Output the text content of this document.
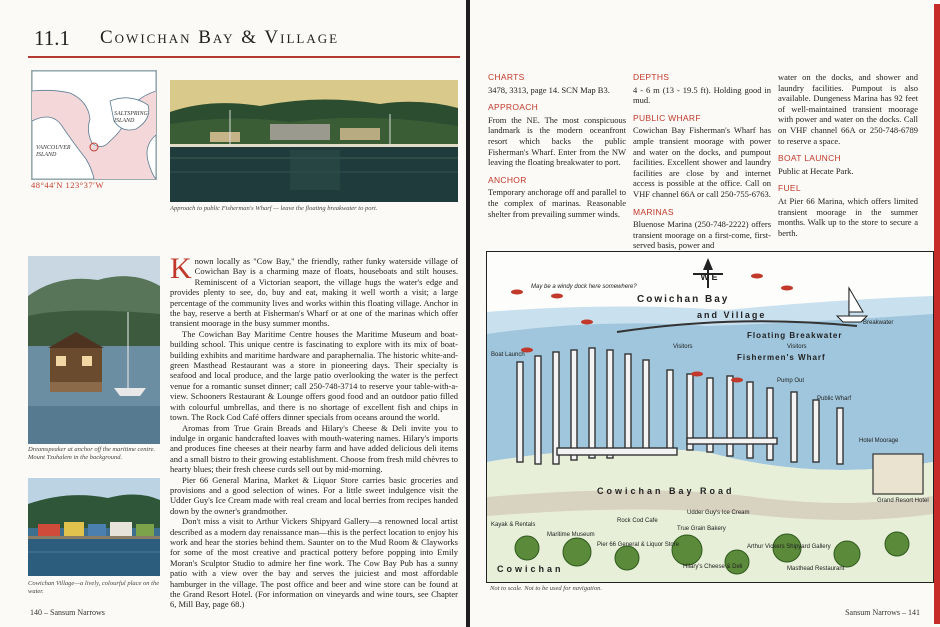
11.1 Cowichan Bay & Village
SALTSPRING ISLAND
VANCOUVER ISLAND
48°44′N 123°37′W
Approach to public Fisherman's Wharf — leave the floating breakwater to port.
Dreamspeaker at anchor off the maritime centre. Mount Tzuhalem in the background.
Cowichan Village—a lively, colourful place on the water.

Known locally as "Cow Bay," the friendly, rather funky waterside village of Cowichan Bay is a charming maze of floats, houseboats and stilt houses. Reminiscent of a Victorian seaport, the village hugs the water's edge and provides plenty to see, do, buy and eat, making it well worth a visit; a large percentage of the community lives and works within this floating village. Anchor in the bay, reserve a berth at Fisherman's Wharf or at one of the marinas which offer transient moorage in the busy summer months.

The Cowichan Bay Maritime Centre houses the Maritime Museum and boat-building school. This unique centre is fascinating to explore with its mix of boat-building exhibits and maritime hardware and paraphernalia. The historic white-and-green Masthead Restaurant was a store in pioneering days. Their specialty is seafood and local produce, and the large patio overlooking the water is the perfect venue for a romantic sunset dinner; call 250-748-3714 to reserve your table-with-a-view. Schooners Restaurant & Lounge offers good food and an outdoor patio filled with colourful umbrellas, and there is no shortage of excellent fish and chips in town. The Rock Cod Café offers dinner specials from oceans around the world.

Aromas from True Grain Breads and Hilary's Cheese & Deli invite you to indulge in organic handcrafted loaves with mouth-watering names. Hilary's imports and produces fine cheeses at their nearby farm and have added delicious deli items and a small bistro to their growing establishment. Choose from fresh mild chèvres to hearty blues; their fresh cheese curds sell out by mid-morning.

Pier 66 General Marina, Market & Liquor Store carries basic groceries and provisions and a good selection of wines. For a little sweet indulgence visit the Udder Guy's Ice Cream made with real cream and local berries from recipes handed down by the owner's grandmother.

Don't miss a visit to Arthur Vickers Shipyard Gallery—a renowned local artist described as a modern day renaissance man—this is the perfect location to enjoy his work and hear the stories behind them. Saunter on to the Mud Room & Clayworks for some of the most creative and practical pottery before popping into Emily Moran's Sculptor Studio to admire her fine work. The Cow Bay Pub has a sunny patio with a view over the bay and serves the juiciest and most affordable hamburger in the village. The post office and beer and wine store can be found at the Grand Resort Hotel. (For information on vineyards and wine tours, see Chapter 6, Mill Bay, page 68.)

140 – Sansum Narrows
CHARTS
3478, 3313, page 14. SCN Map B3.
APPROACH
From the NE. The most conspicuous landmark is the modern oceanfront resort which backs the public Fisherman's Wharf. Enter from the NW leaving the floating breakwater to port.
ANCHOR
Temporary anchorage off and parallel to the complex of marinas. Reasonable shelter from prevailing summer winds.
DEPTHS
4 - 6 m (13 - 19.5 ft). Holding good in mud.
PUBLIC WHARF
Cowichan Bay Fisherman's Wharf has ample transient moorage with power and water on the docks, and pumpout facilities. Excellent shower and laundry facilities are close by and internet access is possible at the office. Call on VHF channel 66A or call 250-755-6763.
MARINAS
Bluenose Marina (250-748-2222) offers transient moorage on a first-come, first-served basis, power and
water on the docks, and shower and laundry facilities. Pumpout is also available. Dungeness Marina has 92 feet of well-maintained transient moorage with power and water on the docks. Call on VHF channel 66A or 250-748-6789 to reserve a space.
BOAT LAUNCH
Public at Hecate Park.
FUEL
At Pier 66 Marina, which offers limited transient moorage in the summer months. Walk up to the store to secure a berth.
Sansum Narrows – 141
W E
Cowichan Bay
and Village
May be a windy dock here somewhere?
Floating Breakwater
Fishermen's Wharf
Visitors	Visitors
Breakwater
Boat Launch
Public Wharf
Pump Out
Hotel Moorage
Cowichan Bay Road
Grand Resort Hotel
Kayak & Rentals
Maritime Museum
Pier 66 General & Liquor Store
Rock Cod Cafe
Udder Guy's Ice Cream
True Grain Bakery
Hilary's Cheese & Deli
Arthur Vickers Shipyard Gallery
Masthead Restaurant
Cowichan
Not to scale. Not to be used for navigation.
